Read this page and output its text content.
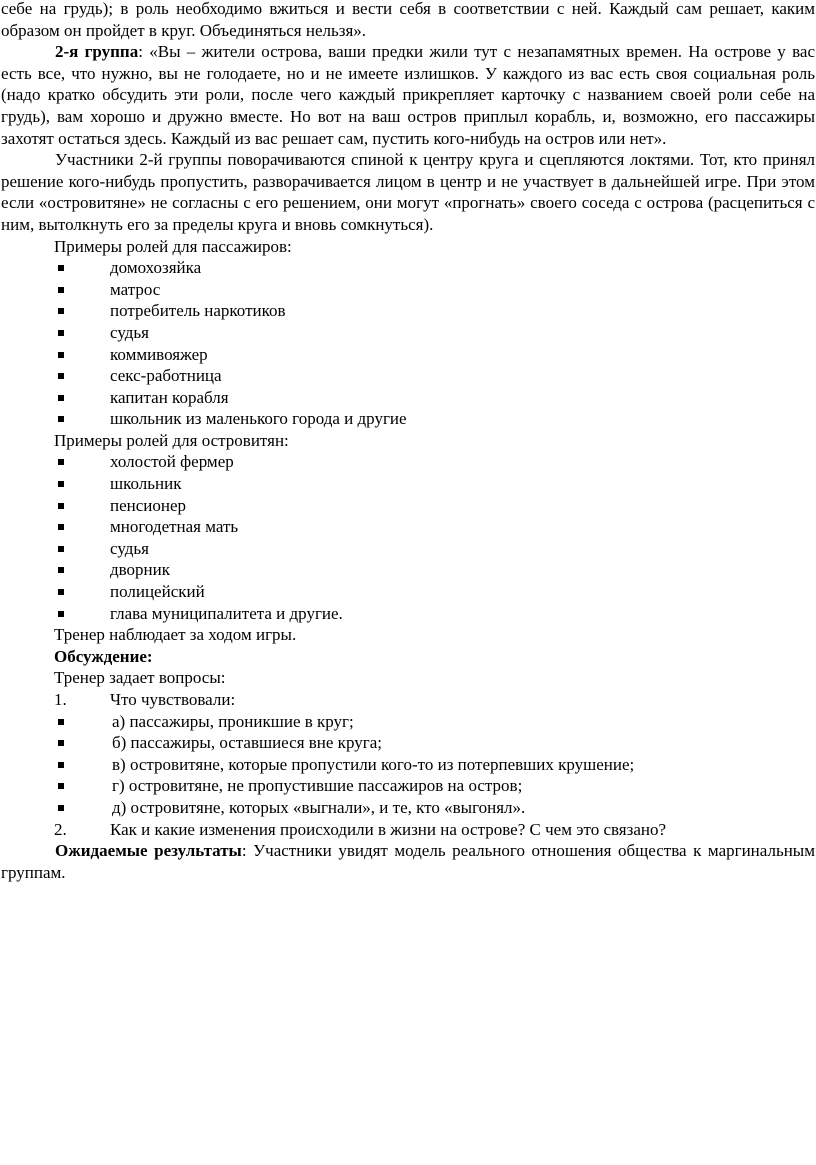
себе на грудь); в роль необходимо вжиться и вести себя в соответствии с ней. Каждый сам решает, каким образом он пройдет в круг. Объединяться нельзя».

2-я группа: «Вы – жители острова, ваши предки жили тут с незапамятных времен. На острове у вас есть все, что нужно, вы не голодаете, но и не имеете излишков. У каждого из вас есть своя социальная роль (надо кратко обсудить эти роли, после чего каждый прикрепляет карточку с названием своей роли себе на грудь), вам хорошо и дружно вместе. Но вот на ваш остров приплыл корабль, и, возможно, его пассажиры захотят остаться здесь. Каждый из вас решает сам, пустить кого-нибудь на остров или нет».

Участники 2-й группы поворачиваются спиной к центру круга и сцепляются локтями. Тот, кто принял решение кого-нибудь пропустить, разворачивается лицом в центр и не участвует в дальнейшей игре. При этом если «островитяне» не согласны с его решением, они могут «прогнать» своего соседа с острова (расцепиться с ним, вытолкнуть его за пределы круга и вновь сомкнуться).

Примеры ролей для пассажиров:

домохозяйка
матрос
потребитель наркотиков
судья
коммивояжер
секс-работница
капитан корабля
школьник из маленького города и другие

Примеры ролей для островитян:

холостой фермер
школьник
пенсионер
многодетная мать
судья
дворник
полицейский
глава муниципалитета и другие.

Тренер наблюдает за ходом игры.

Обсуждение:

Тренер задает вопросы:

1.	Что чувствовали:

а) пассажиры, проникшие в круг;
б) пассажиры, оставшиеся вне круга;
в) островитяне, которые пропустили кого-то из потерпевших крушение;
г) островитяне, не пропустившие пассажиров на остров;
д) островитяне, которых «выгнали», и те, кто «выгонял».

2.	Как и какие изменения происходили в жизни на острове? С чем это связано?

Ожидаемые результаты: Участники увидят модель реального отношения общества к маргинальным группам.
